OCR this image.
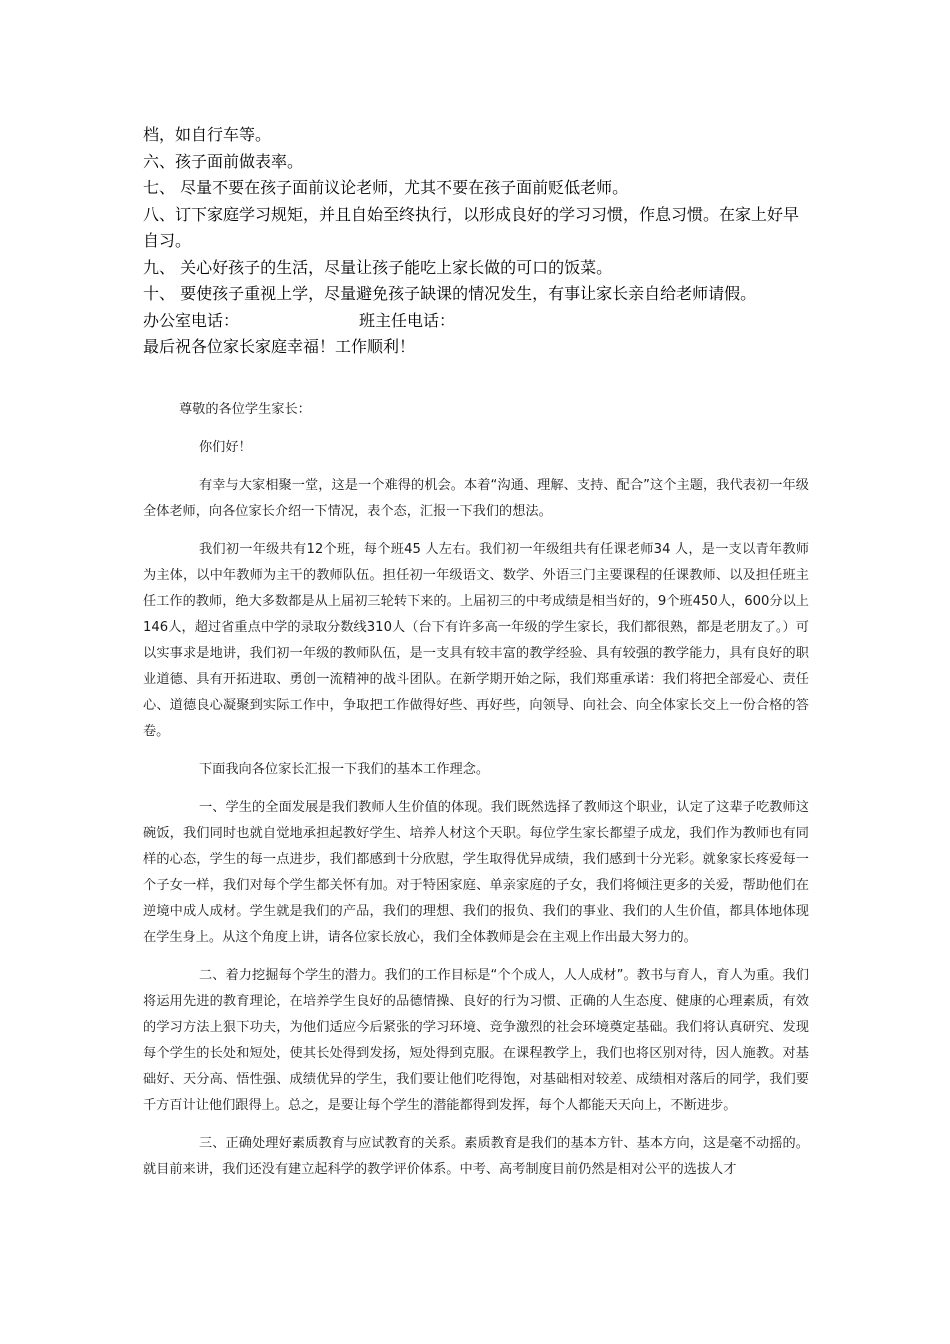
档，如自行车等。
六、孩子面前做表率。
七、 尽量不要在孩子面前议论老师，尤其不要在孩子面前贬低老师。
八、订下家庭学习规矩，并且自始至终执行，以形成良好的学习习惯，作息习惯。在家上好早自习。
九、 关心好孩子的生活，尽量让孩子能吃上家长做的可口的饭菜。
十、 要使孩子重视上学，尽量避免孩子缺课的情况发生，有事让家长亲自给老师请假。
办公室电话：	班主任电话：
最后祝各位家长家庭幸福！工作顺利！
尊敬的各位学生家长：
你们好！

有幸与大家相聚一堂，这是一个难得的机会。本着“沟通、理解、支持、配合”这个主题，我代表初一年级全体老师，向各位家长介绍一下情况，表个态，汇报一下我们的想法。

我们初一年级共有12个班，每个班45 人左右。我们初一年级组共有任课老师34 人，是一支以青年教师为主体，以中年教师为主干的教师队伍。担任初一年级语文、数学、外语三门主要课程的任课教师、以及担任班主任工作的教师，绝大多数都是从上届初三轮转下来的。上届初三的中考成绩是相当好的，9个班450人，600分以上146人，超过省重点中学的录取分数线310人（台下有许多高一年级的学生家长，我们都很熟，都是老朋友了。）可以实事求是地讲，我们初一年级的教师队伍，是一支具有较丰富的教学经验、具有较强的教学能力，具有良好的职业道德、具有开拓进取、勇创一流精神的战斗团队。在新学期开始之际，我们郑重承诺：我们将把全部爱心、责任心、道德良心凝聚到实际工作中，争取把工作做得好些、再好些，向领导、向社会、向全体家长交上一份合格的答卷。

下面我向各位家长汇报一下我们的基本工作理念。

一、学生的全面发展是我们教师人生价值的体现。我们既然选择了教师这个职业，认定了这辈子吃教师这碗饭，我们同时也就自觉地承担起教好学生、培养人材这个天职。每位学生家长都望子成龙，我们作为教师也有同样的心态，学生的每一点进步，我们都感到十分欣慰，学生取得优异成绩，我们感到十分光彩。就象家长疼爱每一个子女一样，我们对每个学生都关怀有加。对于特困家庭、单亲家庭的子女，我们将倾注更多的关爱，帮助他们在逆境中成人成材。学生就是我们的产品，我们的理想、我们的报负、我们的事业、我们的人生价值，都具体地体现在学生身上。从这个角度上讲，请各位家长放心，我们全体教师是会在主观上作出最大努力的。

二、着力挖掘每个学生的潜力。我们的工作目标是“个个成人，人人成材”。教书与育人，育人为重。我们将运用先进的教育理论，在培养学生良好的品德情操、良好的行为习惯、正确的人生态度、健康的心理素质，有效的学习方法上狠下功夫，为他们适应今后紧张的学习环境、竞争激烈的社会环境奠定基础。我们将认真研究、发现每个学生的长处和短处，使其长处得到发扬，短处得到克服。在课程教学上，我们也将区别对待，因人施教。对基础好、天分高、悟性强、成绩优异的学生，我们要让他们吃得饱，对基础相对较差、成绩相对落后的同学，我们要千方百计让他们跟得上。总之，是要让每个学生的潜能都得到发挥，每个人都能天天向上，不断进步。

三、正确处理好素质教育与应试教育的关系。素质教育是我们的基本方针、基本方向，这是毫不动摇的。就目前来讲，我们还没有建立起科学的教学评价体系。中考、高考制度目前仍然是相对公平的选拔人才
